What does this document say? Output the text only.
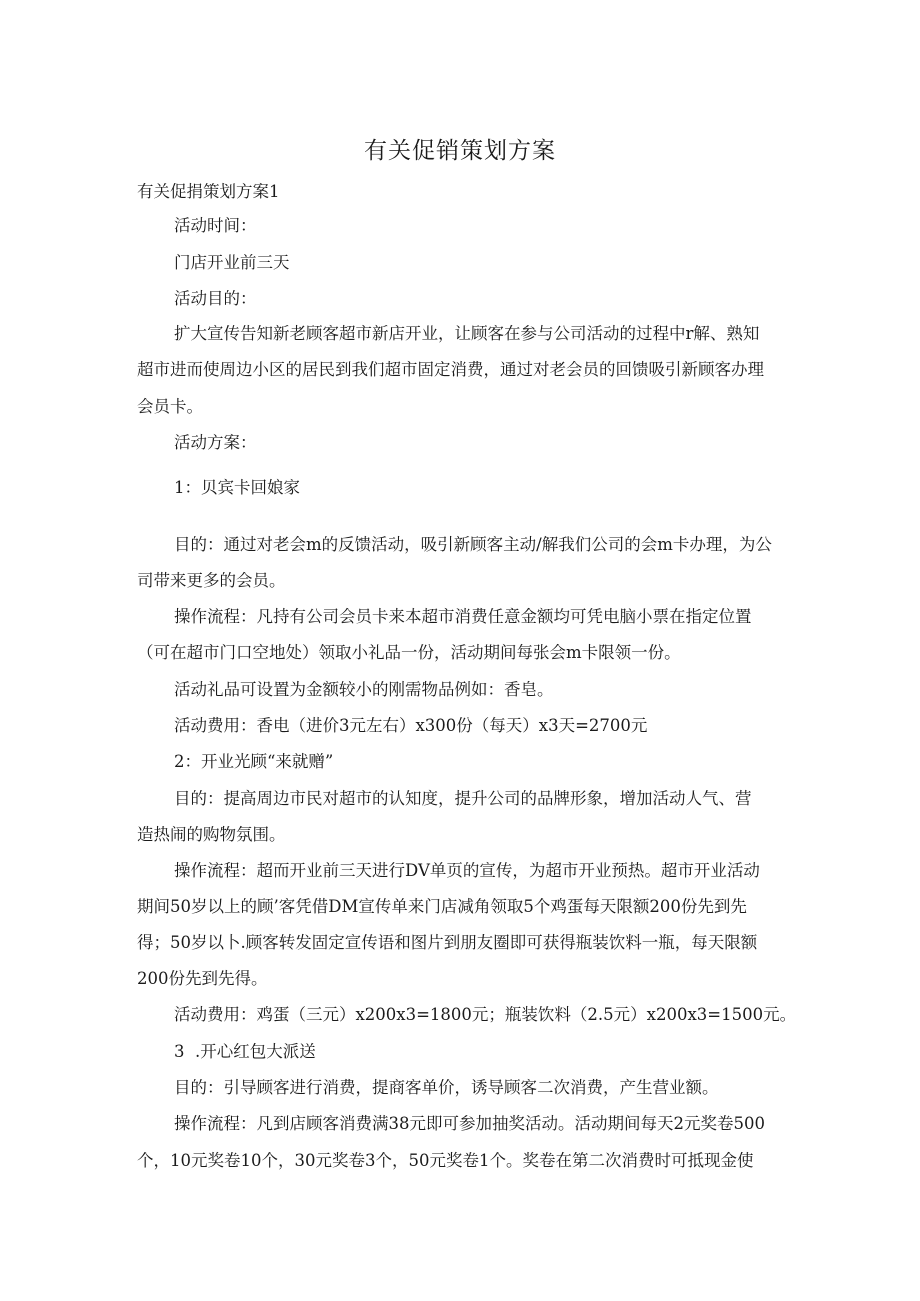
有关促销策划方案
有关促捐策划方案1
活动时间：
门店开业前三天
活动目的：
扩大宣传告知新老顾客超市新店开业，让顾客在参与公司活动的过程中r解、熟知
超市进而使周边小区的居民到我们超市固定消费，通过对老会员的回馈吸引新顾客办理
会员卡。
活动方案：
1：贝宾卡回娘家
目的：通过对老会m的反馈活动，吸引新顾客主动/解我们公司的会m卡办理，为公
司带来更多的会员。
操作流程：凡持有公司会员卡来本超市消费任意金额均可凭电脑小票在指定位置
（可在超市门口空地处）领取小礼品一份，活动期间每张会m卡限领一份。
活动礼品可设置为金额较小的刚需物品例如：香皂。
活动费用：香电（进价3元左右）x300份（每天）x3天=2700元
2：开业光顾“来就赠”
目的：提高周边市民对超市的认知度，提升公司的品牌形象，增加活动人气、营
造热闹的购物氛围。
操作流程：超而开业前三天进行DV单页的宣传，为超市开业预热。超市开业活动
期间50岁以上的顾’客凭借DM宣传单来门店减角领取5个鸡蛋每天限额200份先到先
得；50岁以卜.顾客转发固定宣传语和图片到朋友圈即可获得瓶装饮料一瓶，每天限额
200份先到先得。
活动费用：鸡蛋（三元）x200x3=1800元；瓶装饮料（2.5元）x200x3=1500元。
3	.开心红包大派送
目的：引导顾客进行消费，提商客单价，诱导顾客二次消费，产生营业额。
操作流程：凡到店顾客消费满38元即可参加抽奖活动。活动期间每天2元奖卷500
个，10元奖卷10个，30元奖卷3个，50元奖卷1个。奖卷在第二次消费时可抵现金使
